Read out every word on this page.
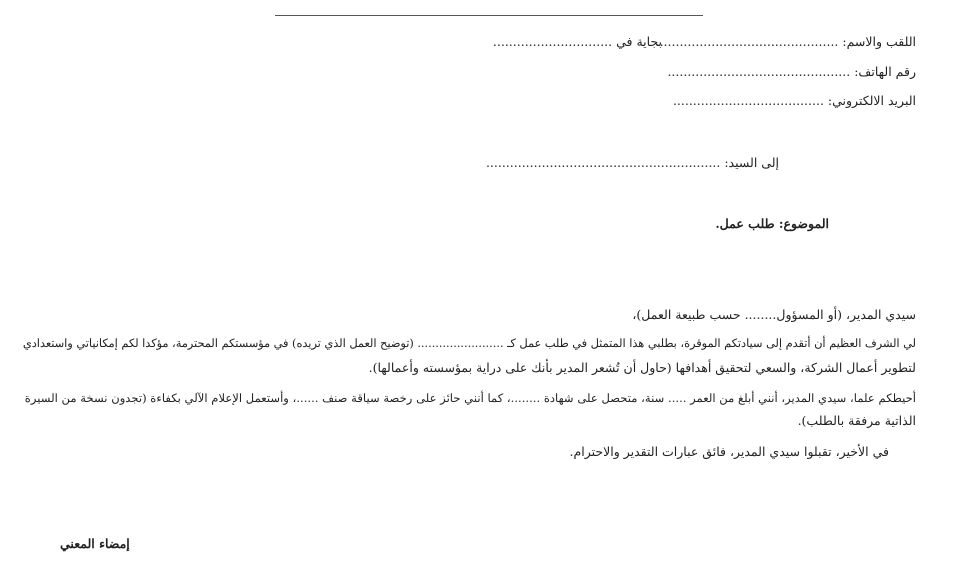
اللقب والاسم: ..............................................
بجاية في ..............................
رقم الهاتف: ..............................................
البريد الالكتروني: ......................................
إلى السيد: ...........................................................
الموضوع: طلب عمل.
سيدي المدير، (أو المسؤول........ حسب طبيعة العمل)،
لي الشرف العظيم أن أتقدم إلى سيادتكم الموقرة، بطلبي هذا المتمثل في طلب عمل كـ ........................ (توضيح العمل الذي تريده) في مؤسستكم المحترمة، مؤكدا لكم إمكانياتي واستعدادي
لتطوير أعمال الشركة، والسعي لتحقيق أهدافها (حاول أن تُشعر المدير بأنك على دراية بمؤسسته وأعمالها).
أحيطكم علما، سيدي المدير، أنني أبلغ من العمر ..... سنة، متحصل على شهادة ........، كما أنني حائز على رخصة سياقة صنف ......، وأستعمل الإعلام الآلي بكفاءة (تجدون نسخة من السيرة
الذاتية مرفقة بالطلب).
في الأخير، تقبلوا سيدي المدير، فائق عبارات التقدير والاحترام.
إمضاء المعني
